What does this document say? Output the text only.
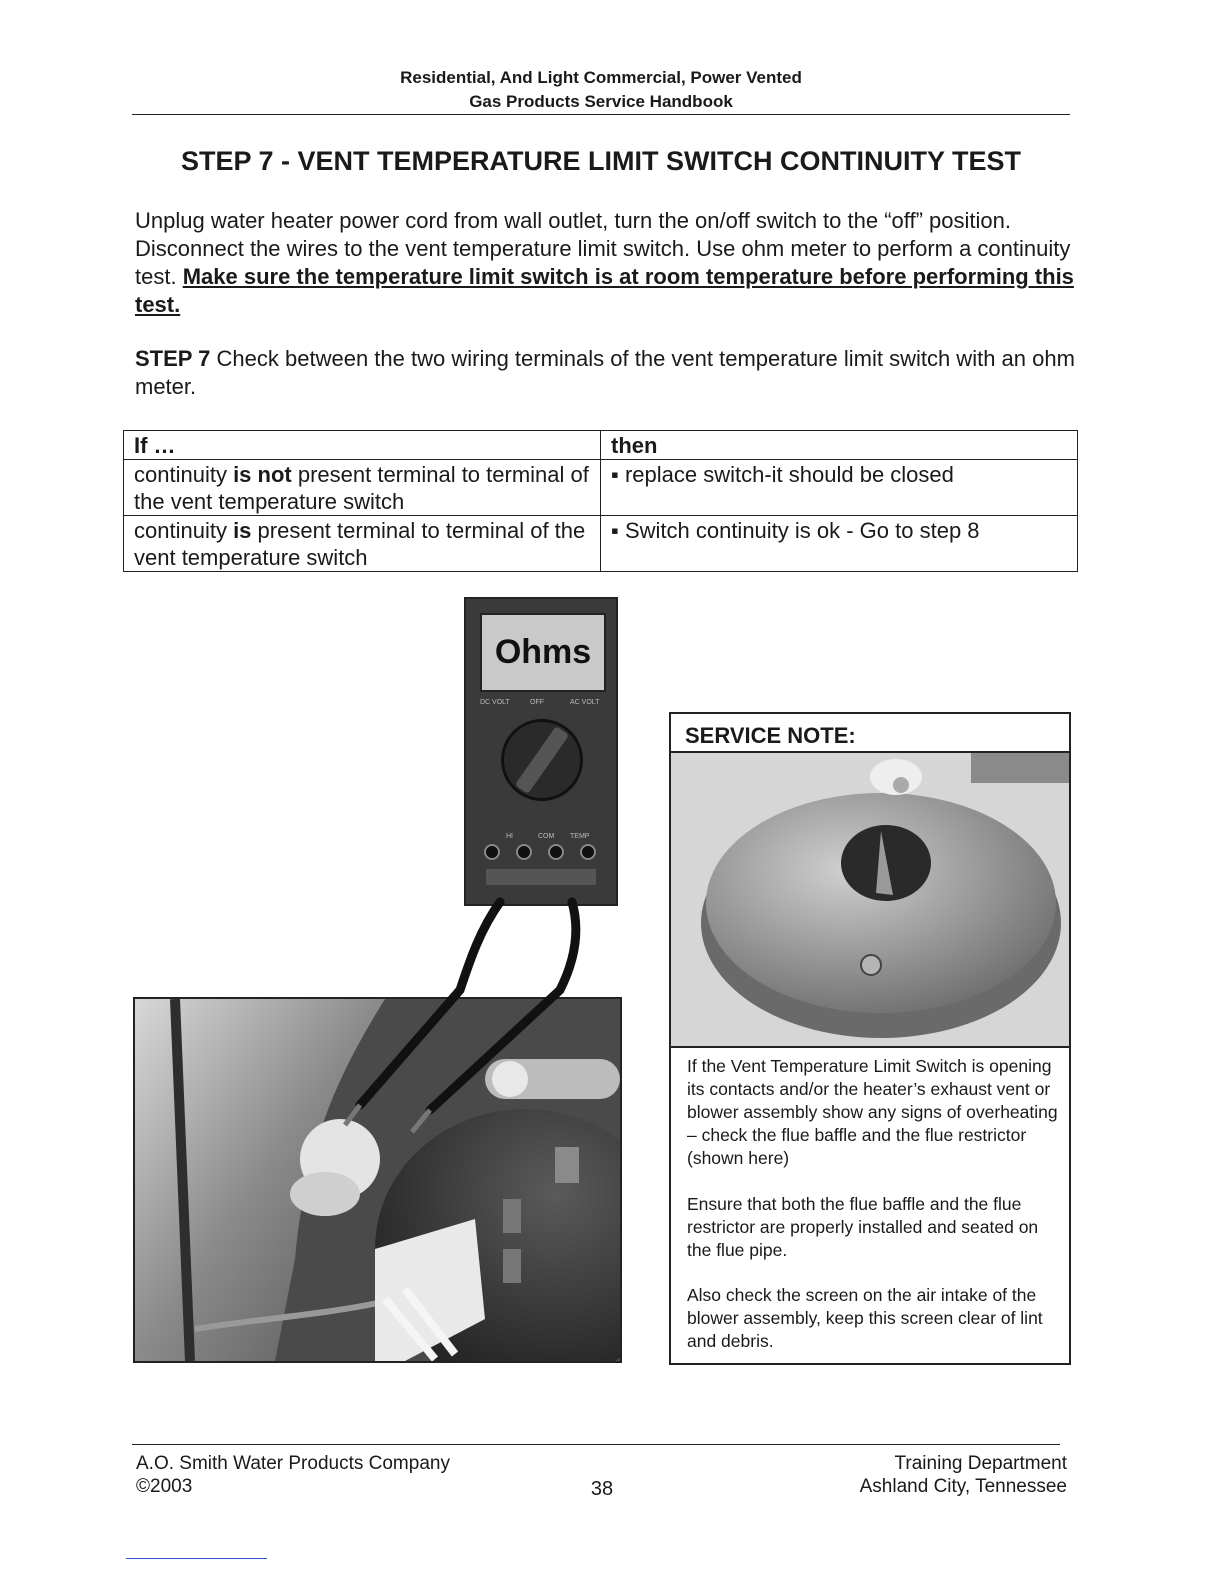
Residential, And Light Commercial, Power Vented
Gas Products Service Handbook
STEP 7 - VENT TEMPERATURE LIMIT SWITCH CONTINUITY TEST
Unplug water heater power cord from wall outlet, turn the on/off switch to the “off” position. Disconnect the wires to the vent temperature limit switch. Use ohm meter to perform a continuity test. Make sure the temperature limit switch is at room temperature before performing this test.
STEP 7 Check between the two wiring terminals of the vent temperature limit switch with an ohm meter.
If …	then
continuity is not present terminal to terminal of the vent temperature switch	▪ replace switch-it should be closed
continuity is present terminal to terminal of the vent temperature switch	▪ Switch continuity is ok - Go to step 8
Ohms
DC VOLT	OFF	AC VOLT
HI	COM TEMP
SERVICE NOTE:
If the Vent Temperature Limit Switch is opening its contacts and/or the heater’s exhaust vent or blower assembly show any signs of overheating – check the flue baffle and the flue restrictor (shown here)
Ensure that both the flue baffle and the flue restrictor are properly installed and seated on the flue pipe.
Also check the screen on the air intake of the blower assembly, keep this screen clear of lint and debris.
A.O. Smith Water Products Company
©2003	38
Training Department
Ashland City, Tennessee
